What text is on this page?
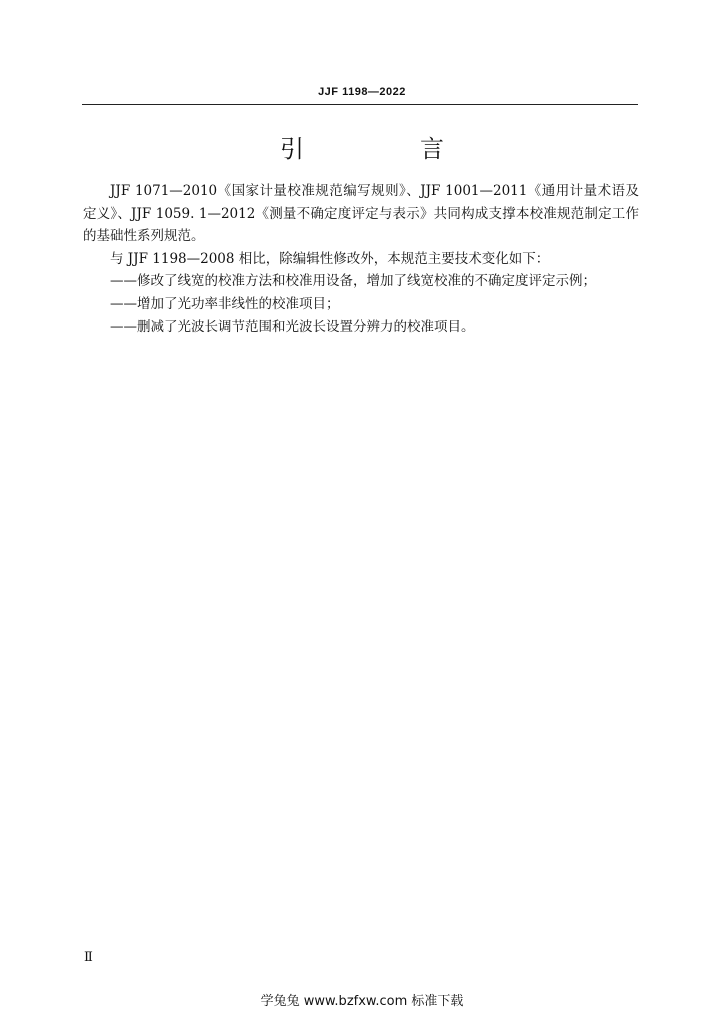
JJF 1198—2022
引　言

JJF 1071—2010《国家计量校准规范编写规则》、JJF 1001—2011《通用计量术语及定义》、JJF 1059. 1—2012《测量不确定度评定与表示》共同构成支撑本校准规范制定工作的基础性系列规范。

与 JJF 1198—2008 相比，除编辑性修改外，本规范主要技术变化如下：

——修改了线宽的校准方法和校准用设备，增加了线宽校准的不确定度评定示例；

——增加了光功率非线性的校准项目；

——删减了光波长调节范围和光波长设置分辨力的校准项目。

Ⅱ
学兔兔 www.bzfxw.com 标准下载
